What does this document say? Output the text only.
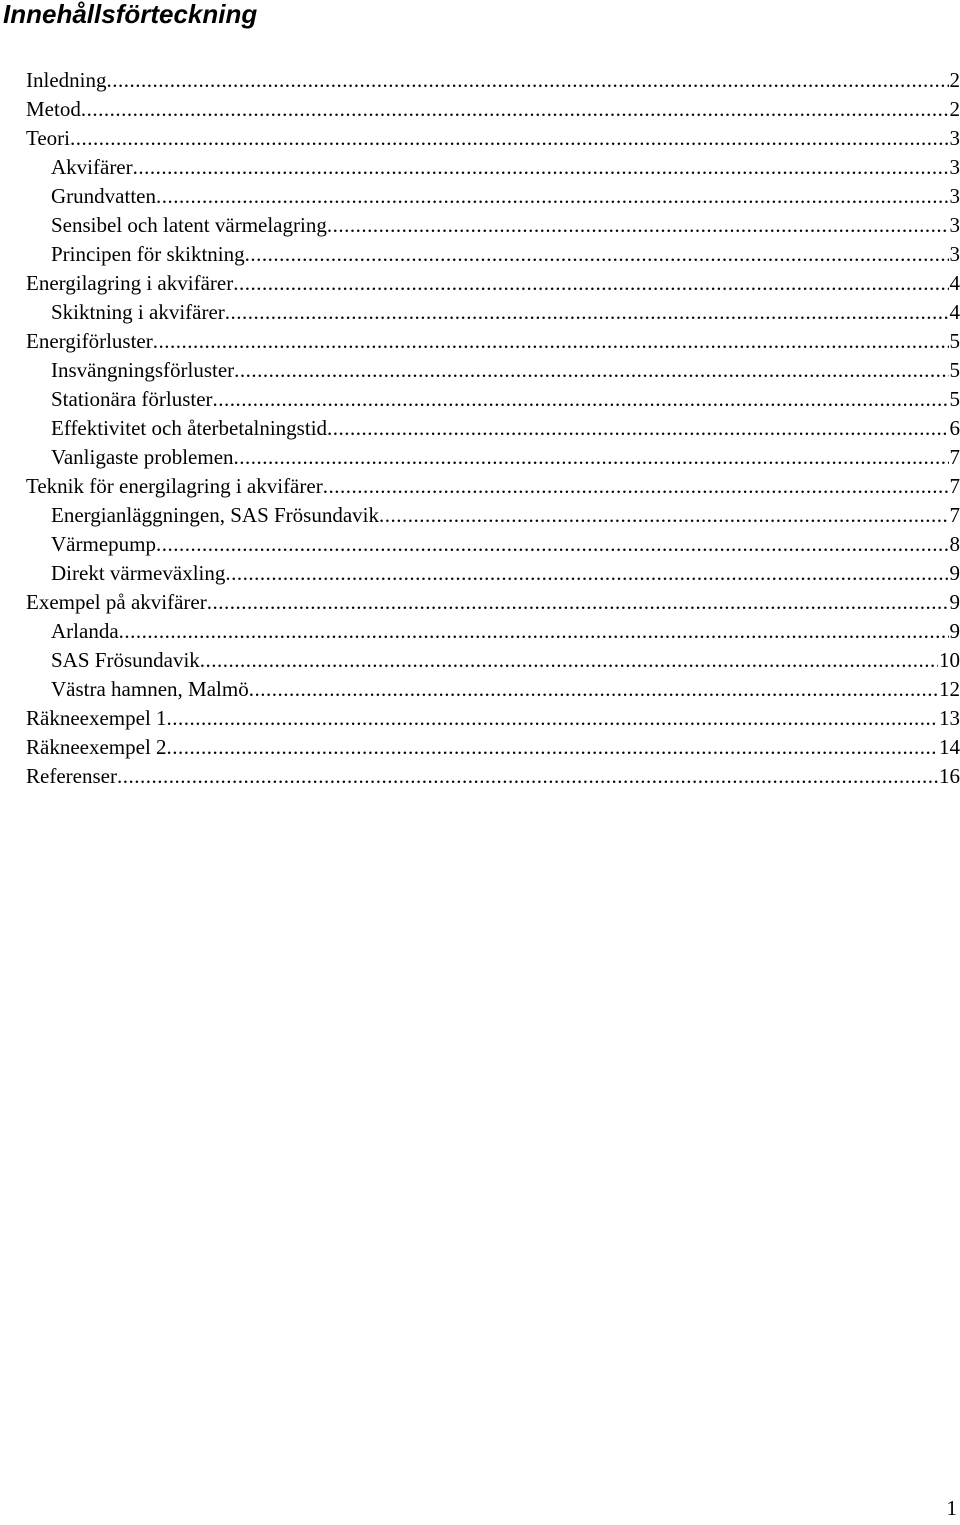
Innehållsförteckning
Inledning .....	2
Metod .....	2
Teori .....	3
Akvifärer .....	3
Grundvatten .....	3
Sensibel och latent värmelagring .....	3
Principen för skiktning .....	3
Energilagring i akvifärer .....	4
Skiktning i akvifärer .....	4
Energiförluster .....	5
Insvängningsförluster .....	5
Stationära förluster .....	5
Effektivitet och återbetalningstid .....	6
Vanligaste problemen .....	7
Teknik för energilagring i akvifärer .....	7
Energianläggningen, SAS Frösundavik .....	7
Värmepump .....	8
Direkt värmeväxling .....	9
Exempel på akvifärer .....	9
Arlanda .....	9
SAS Frösundavik .....	10
Västra hamnen, Malmö .....	12
Räkneexempel 1 .....	13
Räkneexempel 2 .....	14
Referenser .....	16

1
